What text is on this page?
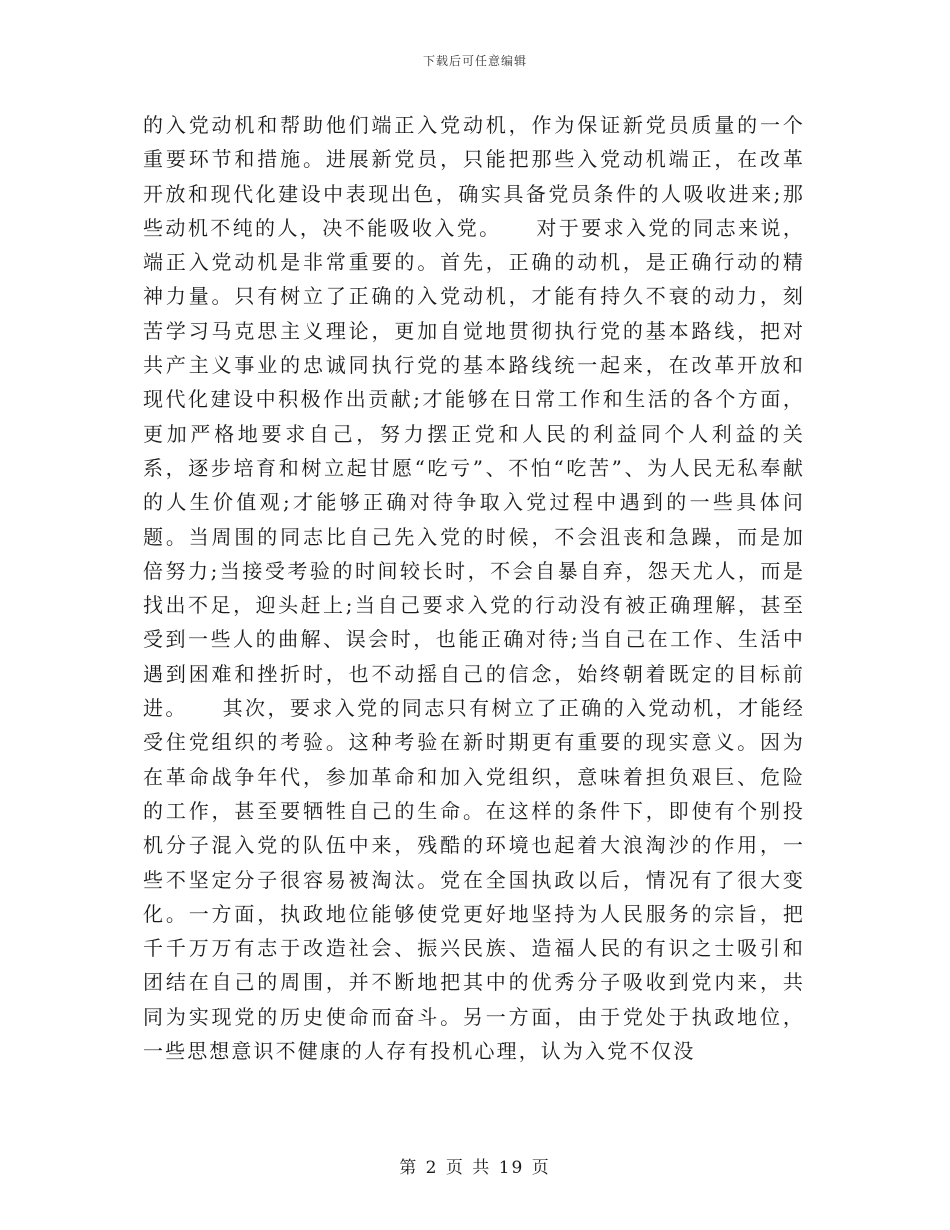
下载后可任意编辑

的入党动机和帮助他们端正入党动机，作为保证新党员质量的一个重要环节和措施。进展新党员，只能把那些入党动机端正，在改革开放和现代化建设中表现出色，确实具备党员条件的人吸收进来;那些动机不纯的人，决不能吸收入党。　　对于要求入党的同志来说，端正入党动机是非常重要的。首先，正确的动机，是正确行动的精神力量。只有树立了正确的入党动机，才能有持久不衰的动力，刻苦学习马克思主义理论，更加自觉地贯彻执行党的基本路线，把对共产主义事业的忠诚同执行党的基本路线统一起来，在改革开放和现代化建设中积极作出贡献;才能够在日常工作和生活的各个方面，更加严格地要求自己，努力摆正党和人民的利益同个人利益的关系，逐步培育和树立起甘愿“吃亏”、不怕“吃苦”、为人民无私奉献的人生价值观;才能够正确对待争取入党过程中遇到的一些具体问题。当周围的同志比自己先入党的时候，不会沮丧和急躁，而是加倍努力;当接受考验的时间较长时，不会自暴自弃，怨天尤人，而是找出不足，迎头赶上;当自己要求入党的行动没有被正确理解，甚至受到一些人的曲解、误会时，也能正确对待;当自己在工作、生活中遇到困难和挫折时，也不动摇自己的信念，始终朝着既定的目标前进。　　其次，要求入党的同志只有树立了正确的入党动机，才能经受住党组织的考验。这种考验在新时期更有重要的现实意义。因为在革命战争年代，参加革命和加入党组织，意味着担负艰巨、危险的工作，甚至要牺牲自己的生命。在这样的条件下，即使有个别投机分子混入党的队伍中来，残酷的环境也起着大浪淘沙的作用，一些不坚定分子很容易被淘汰。党在全国执政以后，情况有了很大变化。一方面，执政地位能够使党更好地坚持为人民服务的宗旨，把千千万万有志于改造社会、振兴民族、造福人民的有识之士吸引和团结在自己的周围，并不断地把其中的优秀分子吸收到党内来，共同为实现党的历史使命而奋斗。另一方面，由于党处于执政地位，一些思想意识不健康的人存有投机心理，认为入党不仅没

第 2 页 共 19 页
